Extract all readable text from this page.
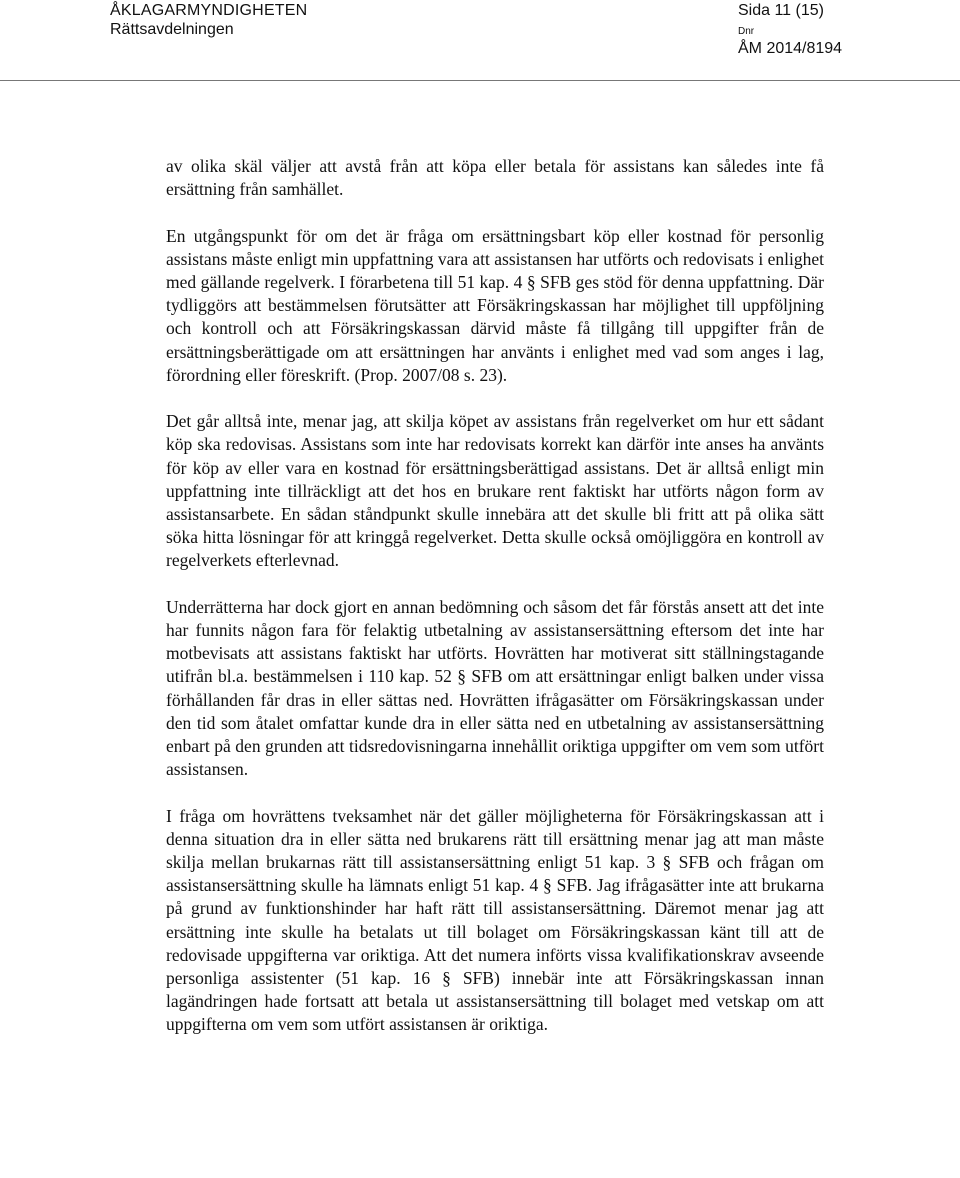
ÅKLAGARMYNDIGHETEN
Rättsavdelningen
Sida 11 (15)
Dnr
ÅM 2014/8194

av olika skäl väljer att avstå från att köpa eller betala för assistans kan således inte få ersättning från samhället.

En utgångspunkt för om det är fråga om ersättningsbart köp eller kostnad för personlig assistans måste enligt min uppfattning vara att assistansen har utförts och redovisats i enlighet med gällande regelverk. I förarbetena till 51 kap. 4 § SFB ges stöd för denna uppfattning. Där tydliggörs att bestämmelsen förutsätter att Försäkringskassan har möjlighet till uppföljning och kontroll och att Försäkringskassan därvid måste få tillgång till uppgifter från de ersättningsberättigade om att ersättningen har använts i enlighet med vad som anges i lag, förordning eller föreskrift. (Prop. 2007/08 s. 23).

Det går alltså inte, menar jag, att skilja köpet av assistans från regelverket om hur ett sådant köp ska redovisas. Assistans som inte har redovisats korrekt kan därför inte anses ha använts för köp av eller vara en kostnad för ersättningsberättigad assistans. Det är alltså enligt min uppfattning inte tillräckligt att det hos en brukare rent faktiskt har utförts någon form av assistansarbete. En sådan ståndpunkt skulle innebära att det skulle bli fritt att på olika sätt söka hitta lösningar för att kringgå regelverket. Detta skulle också omöjliggöra en kontroll av regelverkets efterlevnad.

Underrätterna har dock gjort en annan bedömning och såsom det får förstås ansett att det inte har funnits någon fara för felaktig utbetalning av assistansersättning eftersom det inte har motbevisats att assistans faktiskt har utförts. Hovrätten har motiverat sitt ställningstagande utifrån bl.a. bestämmelsen i 110 kap. 52 § SFB om att ersättningar enligt balken under vissa förhållanden får dras in eller sättas ned. Hovrätten ifrågasätter om Försäkringskassan under den tid som åtalet omfattar kunde dra in eller sätta ned en utbetalning av assistansersättning enbart på den grunden att tidsredovisningarna innehållit oriktiga uppgifter om vem som utfört assistansen.

I fråga om hovrättens tveksamhet när det gäller möjligheterna för Försäkringskassan att i denna situation dra in eller sätta ned brukarens rätt till ersättning menar jag att man måste skilja mellan brukarnas rätt till assistansersättning enligt 51 kap. 3 § SFB och frågan om assistansersättning skulle ha lämnats enligt 51 kap. 4 § SFB. Jag ifrågasätter inte att brukarna på grund av funktionshinder har haft rätt till assistansersättning. Däremot menar jag att ersättning inte skulle ha betalats ut till bolaget om Försäkringskassan känt till att de redovisade uppgifterna var oriktiga. Att det numera införts vissa kvalifikationskrav avseende personliga assistenter (51 kap. 16 § SFB) innebär inte att Försäkringskassan innan lagändringen hade fortsatt att betala ut assistansersättning till bolaget med vetskap om att uppgifterna om vem som utfört assistansen är oriktiga.
